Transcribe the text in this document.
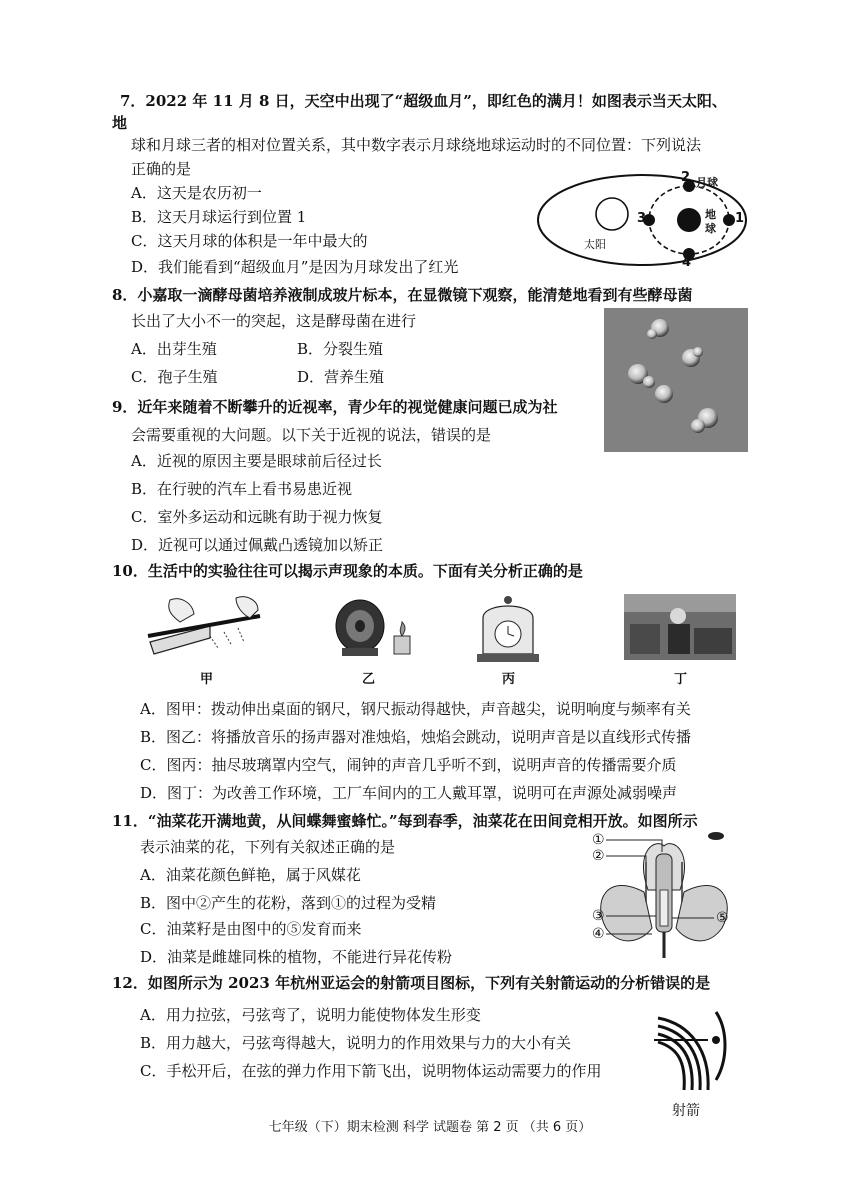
7．2022 年 11 月 8 日，天空中出现了“超级血月”，即红色的满月！如图表示当天太阳、
地
球和月球三者的相对位置关系，其中数字表示月球绕地球运动时的不同位置：下列说法
正确的是
A．这天是农历初一
B．这天月球运行到位置 1
C．这天月球的体积是一年中最大的
D．我们能看到“超级血月”是因为月球发出了红光
太阳
月球
2
1
3
4
地
球
8．小嘉取一滴酵母菌培养液制成玻片标本，在显微镜下观察，能清楚地看到有些酵母菌
长出了大小不一的突起，这是酵母菌在进行
A．出芽生殖	B．分裂生殖
C．孢子生殖	D．营养生殖
9．近年来随着不断攀升的近视率，青少年的视觉健康问题已成为社
会需要重视的大问题。以下关于近视的说法，错误的是
A．近视的原因主要是眼球前后径过长
B．在行驶的汽车上看书易患近视
C．室外多运动和远眺有助于视力恢复
D．近视可以通过佩戴凸透镜加以矫正
10．生活中的实验往往可以揭示声现象的本质。下面有关分析正确的是
甲	乙	丙	丁
A．图甲：拨动伸出桌面的钢尺，钢尺振动得越快，声音越尖，说明响度与频率有关
B．图乙：将播放音乐的扬声器对准烛焰，烛焰会跳动，说明声音是以直线形式传播
C．图丙：抽尽玻璃罩内空气，闹钟的声音几乎听不到，说明声音的传播需要介质
D．图丁：为改善工作环境，工厂车间内的工人戴耳罩，说明可在声源处减弱噪声
11．“油菜花开满地黄，从间蝶舞蜜蜂忙。”每到春季，油菜花在田间竞相开放。如图所示
表示油菜的花，下列有关叙述正确的是
A．油菜花颜色鲜艳，属于风媒花
B．图中②产生的花粉，落到①的过程为受精
C．油菜籽是由图中的⑤发育而来
D．油菜是雌雄同株的植物，不能进行异花传粉
①
②
③
④
⑤
12．如图所示为 2023 年杭州亚运会的射箭项目图标，下列有关射箭运动的分析错误的是
A．用力拉弦，弓弦弯了，说明力能使物体发生形变
B．用力越大，弓弦弯得越大，说明力的作用效果与力的大小有关
C．手松开后，在弦的弹力作用下箭飞出，说明物体运动需要力的作用
射箭
七年级（下）期末检测 科学 试题卷 第 2 页 （共 6 页）
